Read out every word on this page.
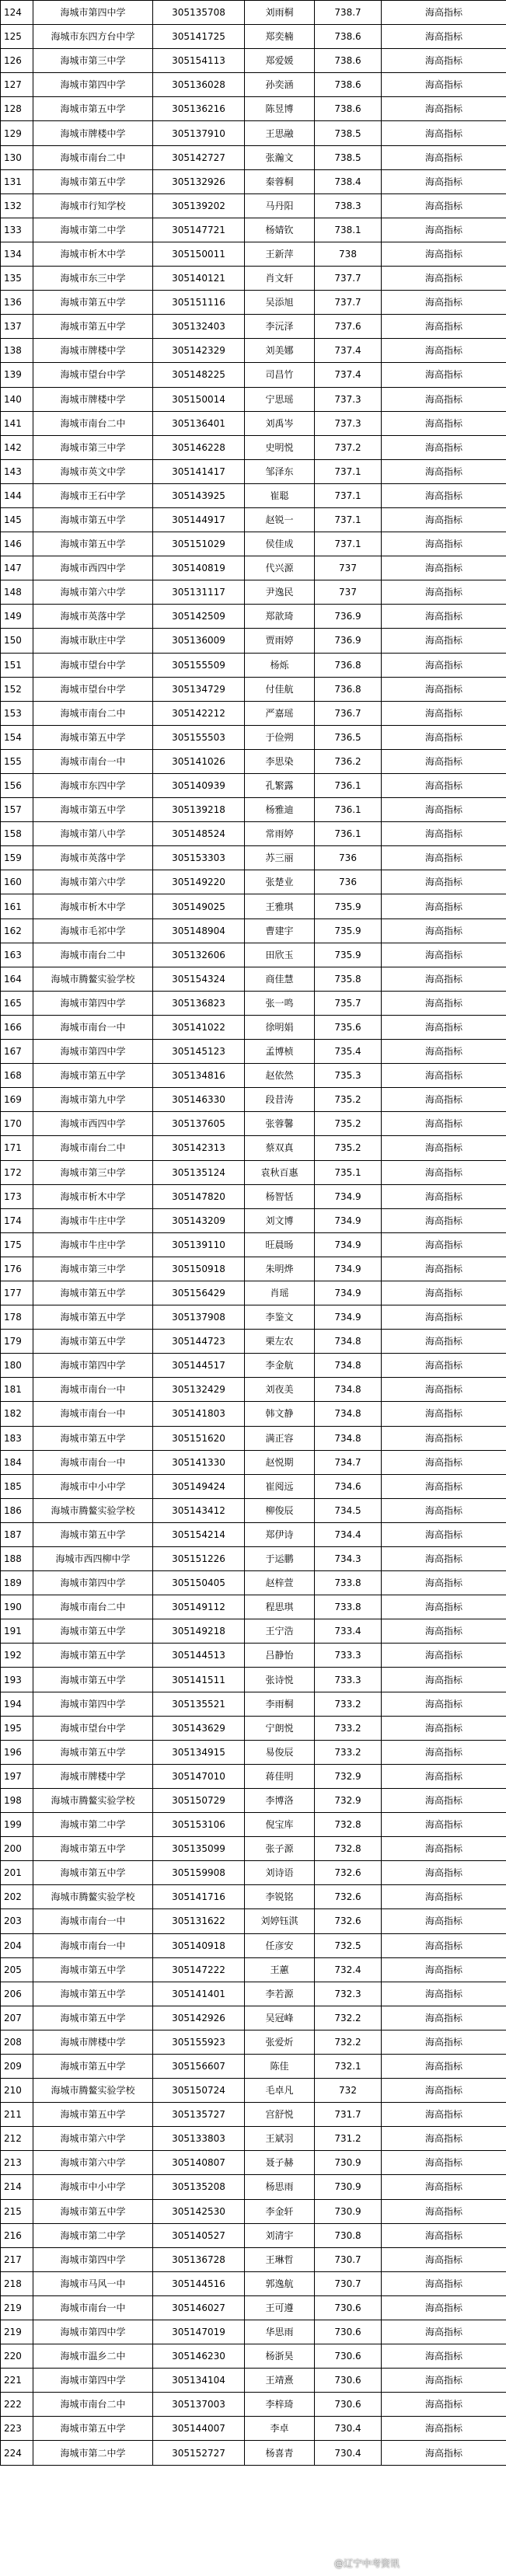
124	海城市第四中学	305135708	刘雨桐	738.7	海高指标
125	海城市东四方台中学	305141725	郑奕楠	738.6	海高指标
126	海城市第三中学	305154113	郑爱媛	738.6	海高指标
127	海城市第四中学	305136028	孙奕涵	738.6	海高指标
128	海城市第五中学	305136216	陈昱博	738.6	海高指标
129	海城市牌楼中学	305137910	王思融	738.5	海高指标
130	海城市南台二中	305142727	张瀚文	738.5	海高指标
131	海城市第五中学	305132926	秦蓉桐	738.4	海高指标
132	海城市行知学校	305139202	马丹阳	738.3	海高指标
133	海城市第二中学	305147721	杨婧钦	738.1	海高指标
134	海城市析木中学	305150011	王新萍	738	海高指标
135	海城市东三中学	305140121	肖文轩	737.7	海高指标
136	海城市第五中学	305151116	吴添旭	737.7	海高指标
137	海城市第五中学	305132403	李沅泽	737.6	海高指标
138	海城市牌楼中学	305142329	刘美娜	737.4	海高指标
139	海城市望台中学	305148225	司昌竹	737.4	海高指标
140	海城市牌楼中学	305150014	宁思瑶	737.3	海高指标
141	海城市南台二中	305136401	刘禹岑	737.3	海高指标
142	海城市第三中学	305146228	史明悦	737.2	海高指标
143	海城市英文中学	305141417	邹泽东	737.1	海高指标
144	海城市王石中学	305143925	崔聪	737.1	海高指标
145	海城市第五中学	305144917	赵锐一	737.1	海高指标
146	海城市第五中学	305151029	侯佳成	737.1	海高指标
147	海城市西四中学	305140819	代兴源	737	海高指标
148	海城市第六中学	305131117	尹逸民	737	海高指标
149	海城市英落中学	305142509	郑歆琦	736.9	海高指标
150	海城市耿庄中学	305136009	贾雨婷	736.9	海高指标
151	海城市望台中学	305155509	杨烁	736.8	海高指标
152	海城市望台中学	305134729	付佳航	736.8	海高指标
153	海城市南台二中	305142212	严嘉瑶	736.7	海高指标
154	海城市第五中学	305155503	于俭朔	736.5	海高指标
155	海城市南台一中	305141026	李思染	736.2	海高指标
156	海城市东四中学	305140939	孔繁露	736.1	海高指标
157	海城市第五中学	305139218	杨雅迪	736.1	海高指标
158	海城市第八中学	305148524	常雨婷	736.1	海高指标
159	海城市英落中学	305153303	苏三丽	736	海高指标
160	海城市第六中学	305149220	张楚业	736	海高指标
161	海城市析木中学	305149025	王雅琪	735.9	海高指标
162	海城市毛祁中学	305148904	曹建宇	735.9	海高指标
163	海城市南台二中	305132606	田欣玉	735.9	海高指标
164	海城市腾鳌实验学校	305154324	商佳慧	735.8	海高指标
165	海城市第四中学	305136823	张一鸣	735.7	海高指标
166	海城市南台一中	305141022	徐明娟	735.6	海高指标
167	海城市第四中学	305145123	孟博桢	735.4	海高指标
168	海城市第五中学	305134816	赵依然	735.3	海高指标
169	海城市第九中学	305146330	段昔涛	735.2	海高指标
170	海城市西四中学	305137605	张蓉馨	735.2	海高指标
171	海城市南台二中	305142313	蔡双真	735.2	海高指标
172	海城市第三中学	305135124	袁秋百惠	735.1	海高指标
173	海城市析木中学	305147820	杨智恬	734.9	海高指标
174	海城市牛庄中学	305143209	刘文博	734.9	海高指标
175	海城市牛庄中学	305139110	旺晨旸	734.9	海高指标
176	海城市第三中学	305150918	朱明烨	734.9	海高指标
177	海城市第五中学	305156429	肖瑶	734.9	海高指标
178	海城市第五中学	305137908	李鉴文	734.9	海高指标
179	海城市第五中学	305144723	栗左农	734.8	海高指标
180	海城市第四中学	305144517	李金航	734.8	海高指标
181	海城市南台一中	305132429	刘夜美	734.8	海高指标
182	海城市南台一中	305141803	韩文静	734.8	海高指标
183	海城市第五中学	305151620	满正容	734.8	海高指标
184	海城市南台一中	305141330	赵悦期	734.7	海高指标
185	海城市中小中学	305149424	崔阅远	734.6	海高指标
186	海城市腾鳌实验学校	305143412	柳俊辰	734.5	海高指标
187	海城市第五中学	305154214	郑伊诗	734.4	海高指标
188	海城市西四柳中学	305151226	于运鹏	734.3	海高指标
189	海城市第四中学	305150405	赵梓萱	733.8	海高指标
190	海城市南台二中	305149112	程思琪	733.8	海高指标
191	海城市第五中学	305149218	王宁浩	733.4	海高指标
192	海城市第五中学	305144513	吕静怡	733.3	海高指标
193	海城市第五中学	305141511	张诗悦	733.3	海高指标
194	海城市第四中学	305135521	李雨桐	733.2	海高指标
195	海城市望台中学	305143629	宁朗悦	733.2	海高指标
196	海城市第五中学	305134915	易俊辰	733.2	海高指标
197	海城市牌楼中学	305147010	蒋佳明	732.9	海高指标
198	海城市腾鳌实验学校	305150729	李博洛	732.9	海高指标
199	海城市第二中学	305153106	倪宝库	732.8	海高指标
200	海城市第五中学	305135099	张子源	732.8	海高指标
201	海城市第五中学	305159908	刘诗语	732.6	海高指标
202	海城市腾鳌实验学校	305141716	李锐铭	732.6	海高指标
203	海城市南台一中	305131622	刘婷钰淇	732.6	海高指标
204	海城市南台一中	305140918	任彦安	732.5	海高指标
205	海城市第五中学	305147222	王蕙	732.4	海高指标
206	海城市第五中学	305141401	李若源	732.3	海高指标
207	海城市第五中学	305142926	吴冠峰	732.2	海高指标
208	海城市牌楼中学	305155923	张爱炘	732.2	海高指标
209	海城市第五中学	305156607	陈佳	732.1	海高指标
210	海城市腾鳌实验学校	305150724	毛卓凡	732	海高指标
211	海城市第五中学	305135727	宫舒悦	731.7	海高指标
212	海城市第六中学	305133803	王斌羽	731.2	海高指标
213	海城市第六中学	305140807	聂子赫	730.9	海高指标
214	海城市中小中学	305135208	杨思雨	730.9	海高指标
215	海城市第五中学	305142530	李金轩	730.9	海高指标
216	海城市第二中学	305140527	刘清宇	730.8	海高指标
217	海城市第四中学	305136728	王琳哲	730.7	海高指标
218	海城市马风一中	305144516	郭逸航	730.7	海高指标
219	海城市南台一中	305146027	王可遵	730.6	海高指标
219	海城市第四中学	305147019	华思雨	730.6	海高指标
220	海城市温乡二中	305146230	杨浙昊	730.6	海高指标
221	海城市第四中学	305134104	王靖熹	730.6	海高指标
222	海城市南台二中	305137003	李梓琦	730.6	海高指标
223	海城市第五中学	305144007	李卓	730.4	海高指标
224	海城市第二中学	305152727	杨喜青	730.4	海高指标
@辽宁中考资讯
